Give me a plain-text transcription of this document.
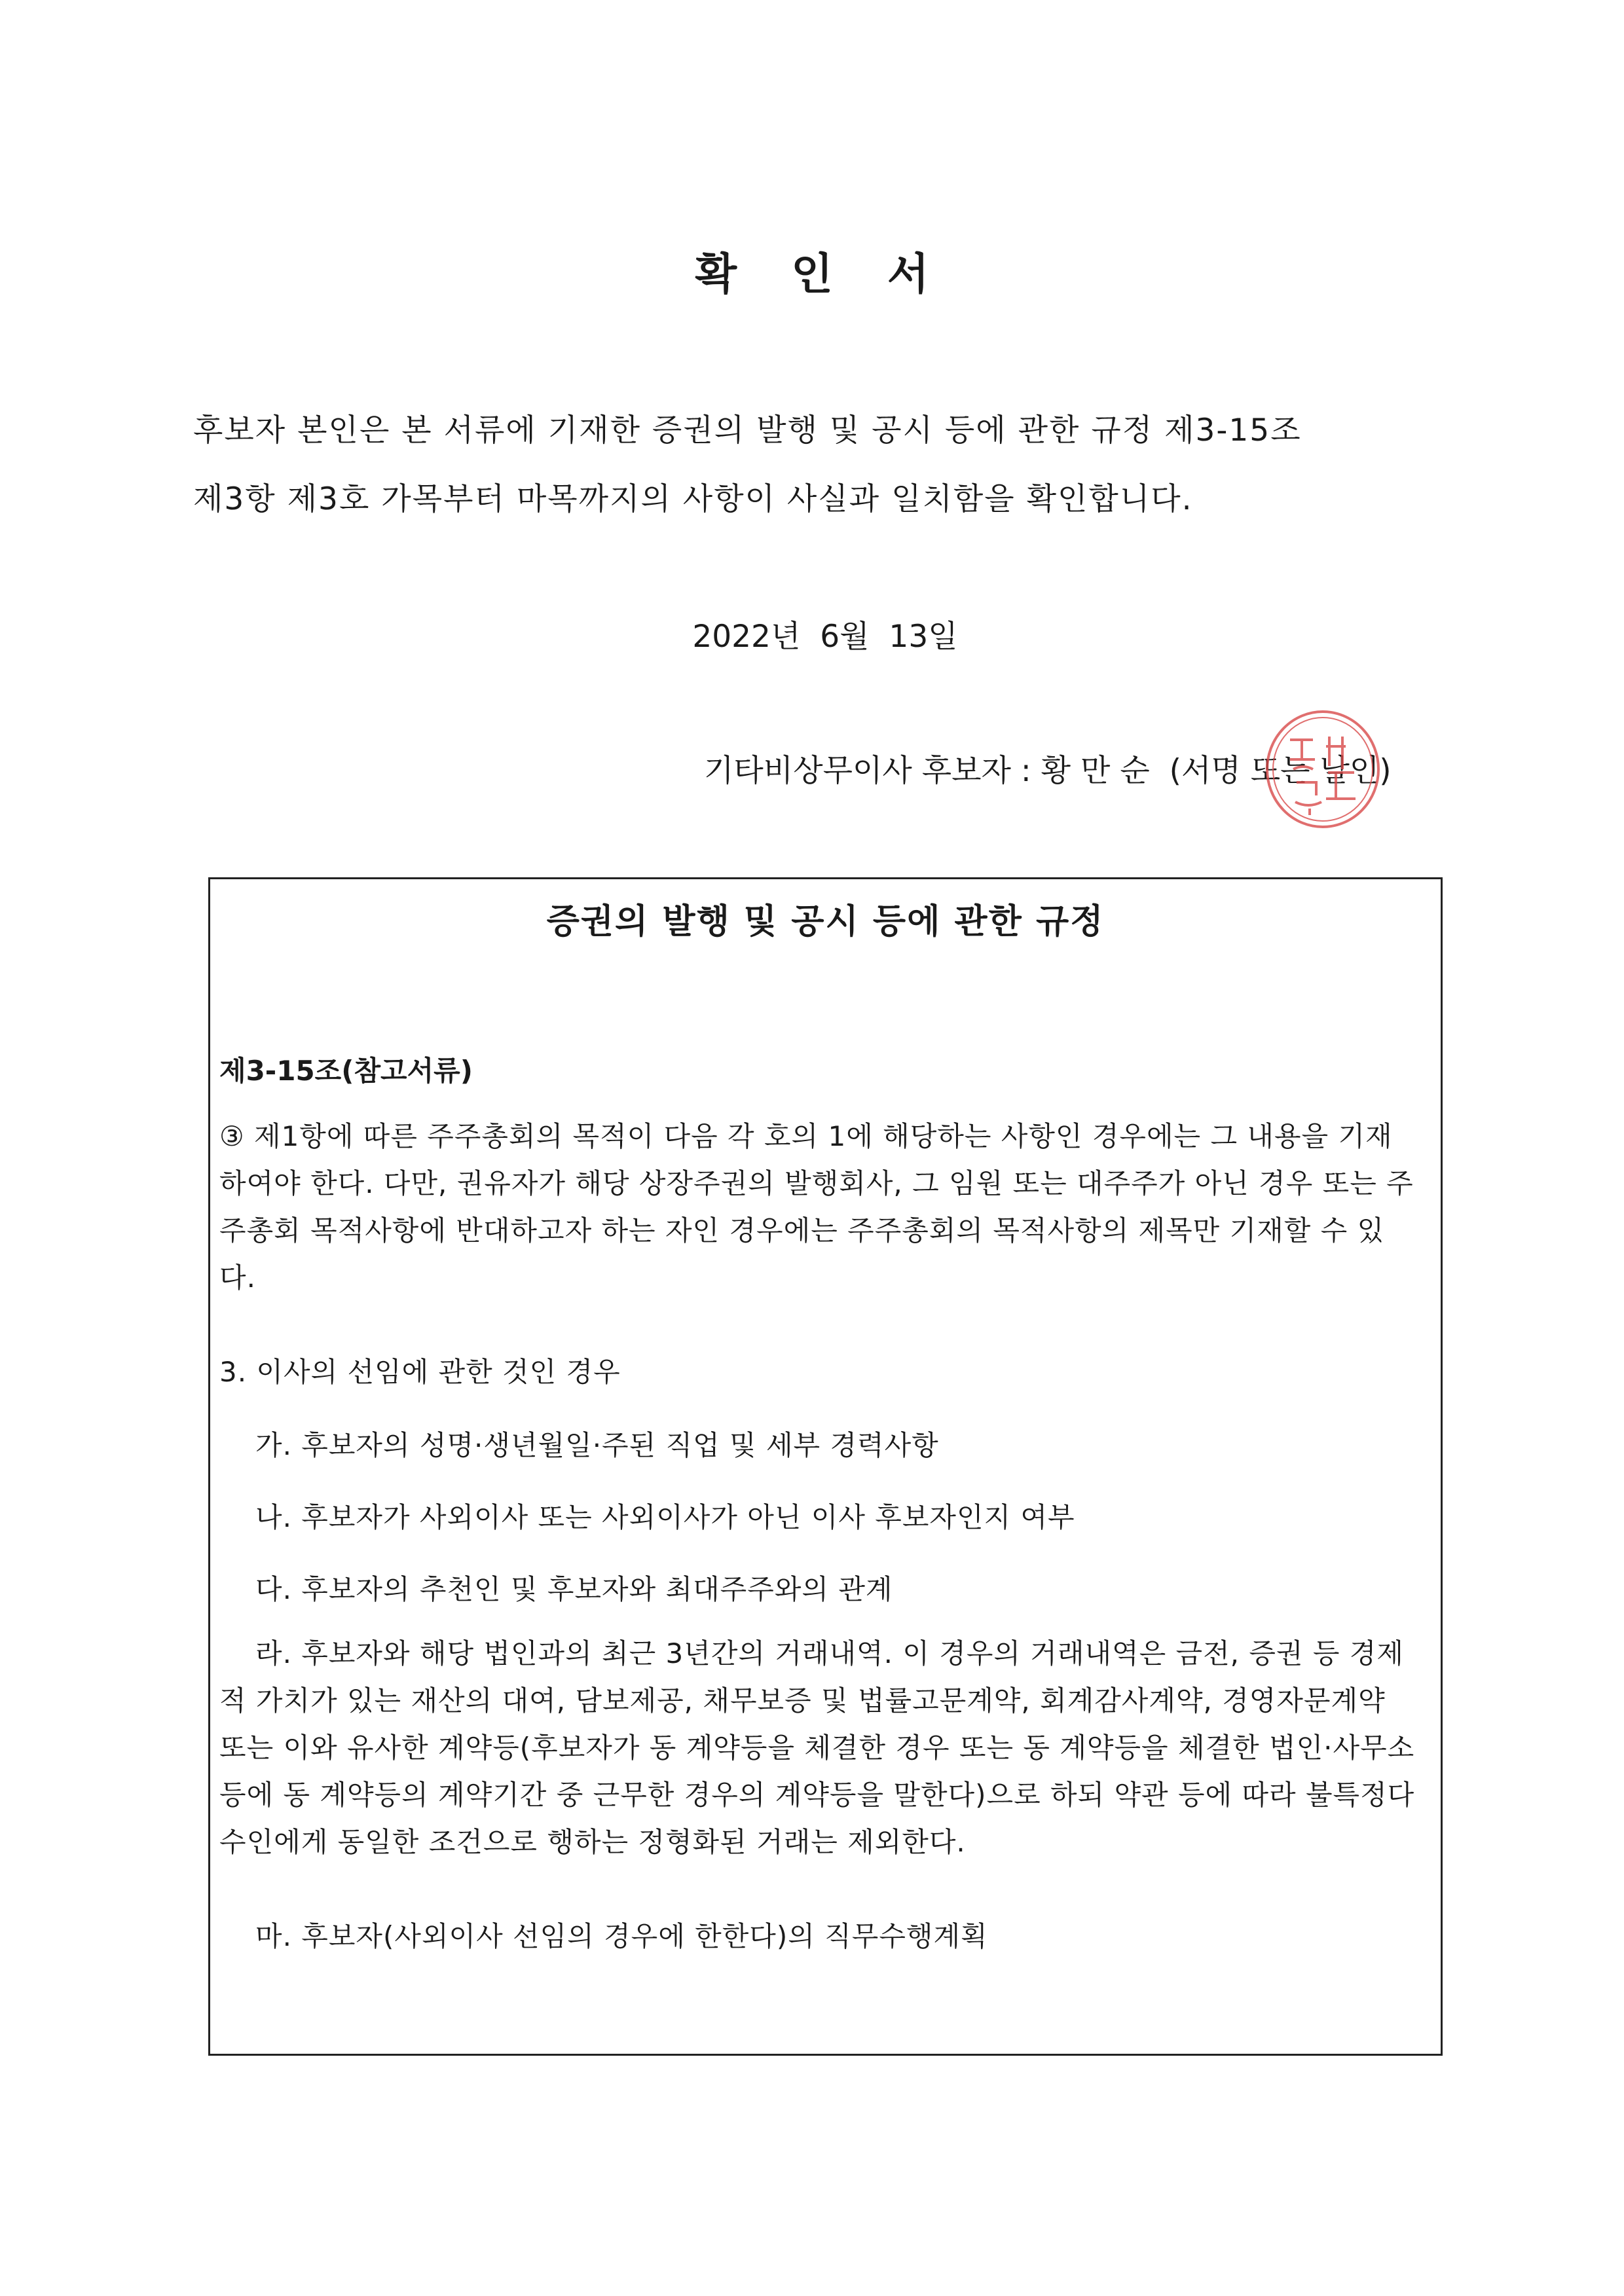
확 인 서
후보자 본인은 본 서류에 기재한 증권의 발행 및 공시 등에 관한 규정 제3-15조
제3항 제3호 가목부터 마목까지의 사항이 사실과 일치함을 확인합니다.
2022년  6월  13일
기타비상무이사 후보자 : 황 만 순  (서명 또는 날인)
증권의 발행 및 공시 등에 관한 규정
제3-15조(참고서류)
③ 제1항에 따른 주주총회의 목적이 다음 각 호의 1에 해당하는 사항인 경우에는 그 내용을 기재하여야 한다. 다만, 권유자가 해당 상장주권의 발행회사, 그 임원 또는 대주주가 아닌 경우 또는 주주총회 목적사항에 반대하고자 하는 자인 경우에는 주주총회의 목적사항의 제목만 기재할 수 있다.
3. 이사의 선임에 관한 것인 경우
가. 후보자의 성명·생년월일·주된 직업 및 세부 경력사항
나. 후보자가 사외이사 또는 사외이사가 아닌 이사 후보자인지 여부
다. 후보자의 추천인 및 후보자와 최대주주와의 관계
라. 후보자와 해당 법인과의 최근 3년간의 거래내역. 이 경우의 거래내역은 금전, 증권 등 경제적 가치가 있는 재산의 대여, 담보제공, 채무보증 및 법률고문계약, 회계감사계약, 경영자문계약 또는 이와 유사한 계약등(후보자가 동 계약등을 체결한 경우 또는 동 계약등을 체결한 법인·사무소 등에 동 계약등의 계약기간 중 근무한 경우의 계약등을 말한다)으로 하되 약관 등에 따라 불특정다수인에게 동일한 조건으로 행하는 정형화된 거래는 제외한다.
마. 후보자(사외이사 선임의 경우에 한한다)의 직무수행계획
